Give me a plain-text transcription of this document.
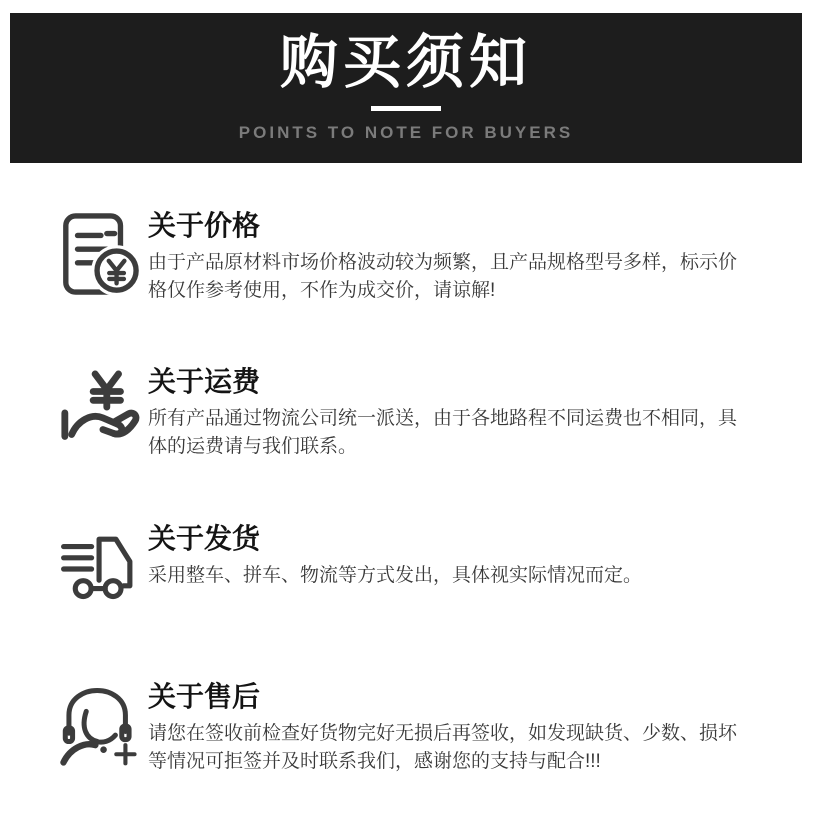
购买须知
POINTS TO NOTE FOR BUYERS
关于价格
由于产品原材料市场价格波动较为频繁，且产品规格型号多样，标示价
格仅作参考使用，不作为成交价，请谅解!
关于运费
所有产品通过物流公司统一派送，由于各地路程不同运费也不相同，具
体的运费请与我们联系。
关于发货
采用整车、拼车、物流等方式发出，具体视实际情况而定。
关于售后
请您在签收前检查好货物完好无损后再签收，如发现缺货、少数、损坏
等情况可拒签并及时联系我们，感谢您的支持与配合!!!
